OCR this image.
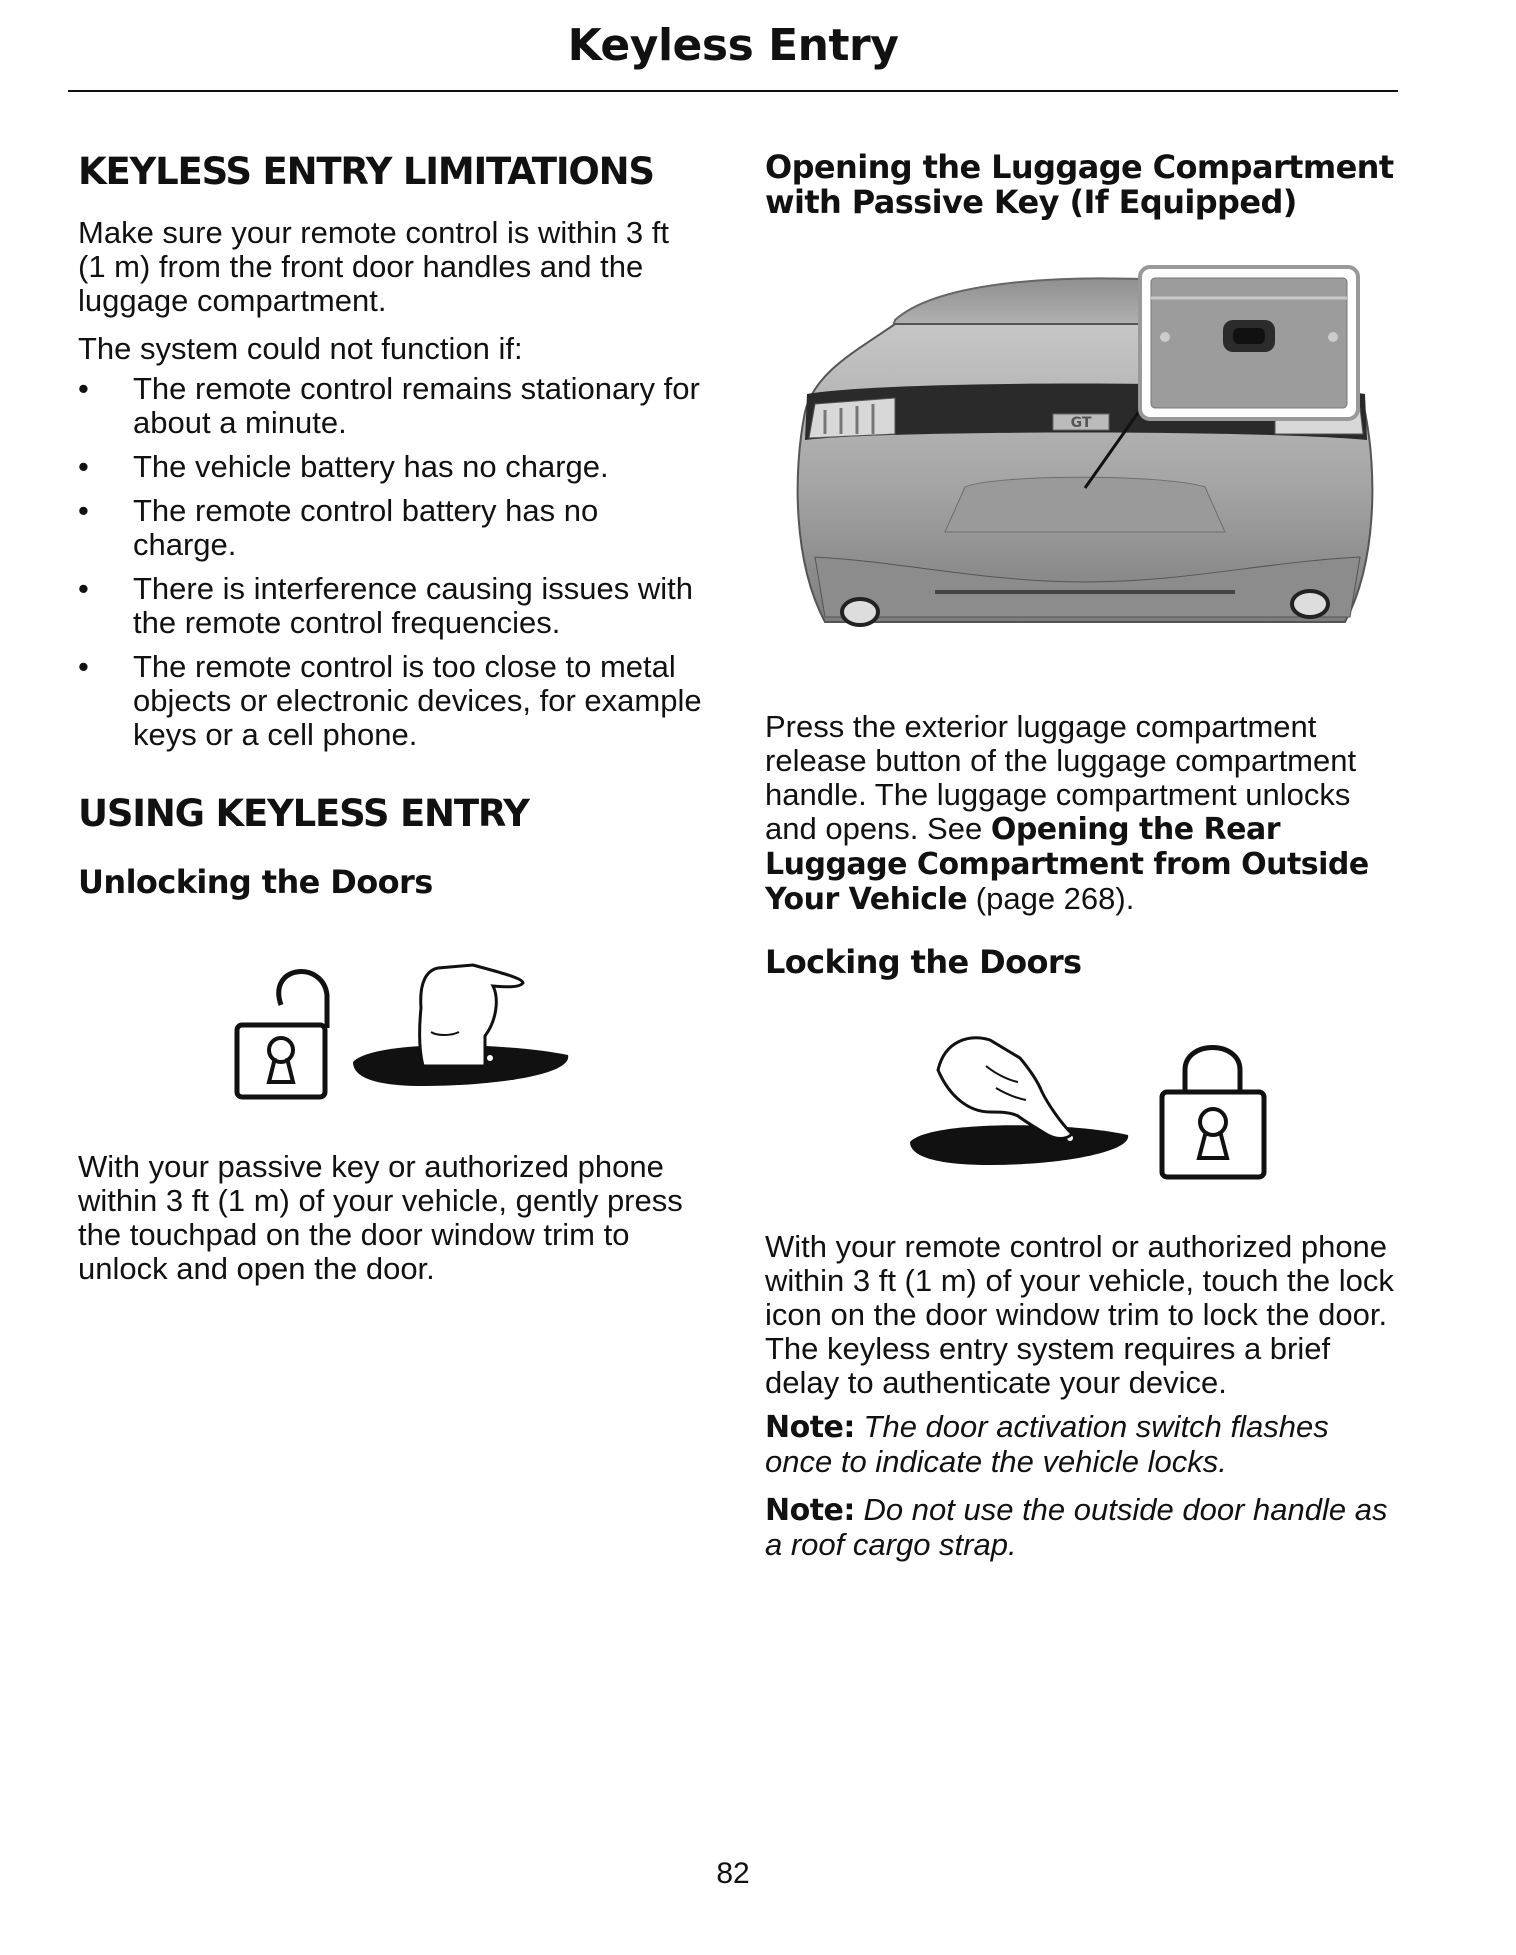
Keyless Entry
KEYLESS ENTRY LIMITATIONS

Make sure your remote control is within 3 ft (1 m) from the front door handles and the luggage compartment.

The system could not function if:

• The remote control remains stationary for about a minute.
• The vehicle battery has no charge.
• The remote control battery has no charge.
• There is interference causing issues with the remote control frequencies.
• The remote control is too close to metal objects or electronic devices, for example keys or a cell phone.
USING KEYLESS ENTRY
Unlocking the Doors

With your passive key or authorized phone within 3 ft (1 m) of your vehicle, gently press the touchpad on the door window trim to unlock and open the door.

Opening the Luggage Compartment with Passive Key (If Equipped)
GT

Press the exterior luggage compartment release button of the luggage compartment handle. The luggage compartment unlocks and opens. See Opening the Rear Luggage Compartment from Outside Your Vehicle (page 268).

Locking the Doors

With your remote control or authorized phone within 3 ft (1 m) of your vehicle, touch the lock icon on the door window trim to lock the door. The keyless entry system requires a brief delay to authenticate your device.

Note: The door activation switch flashes once to indicate the vehicle locks.

Note: Do not use the outside door handle as a roof cargo strap.

82
